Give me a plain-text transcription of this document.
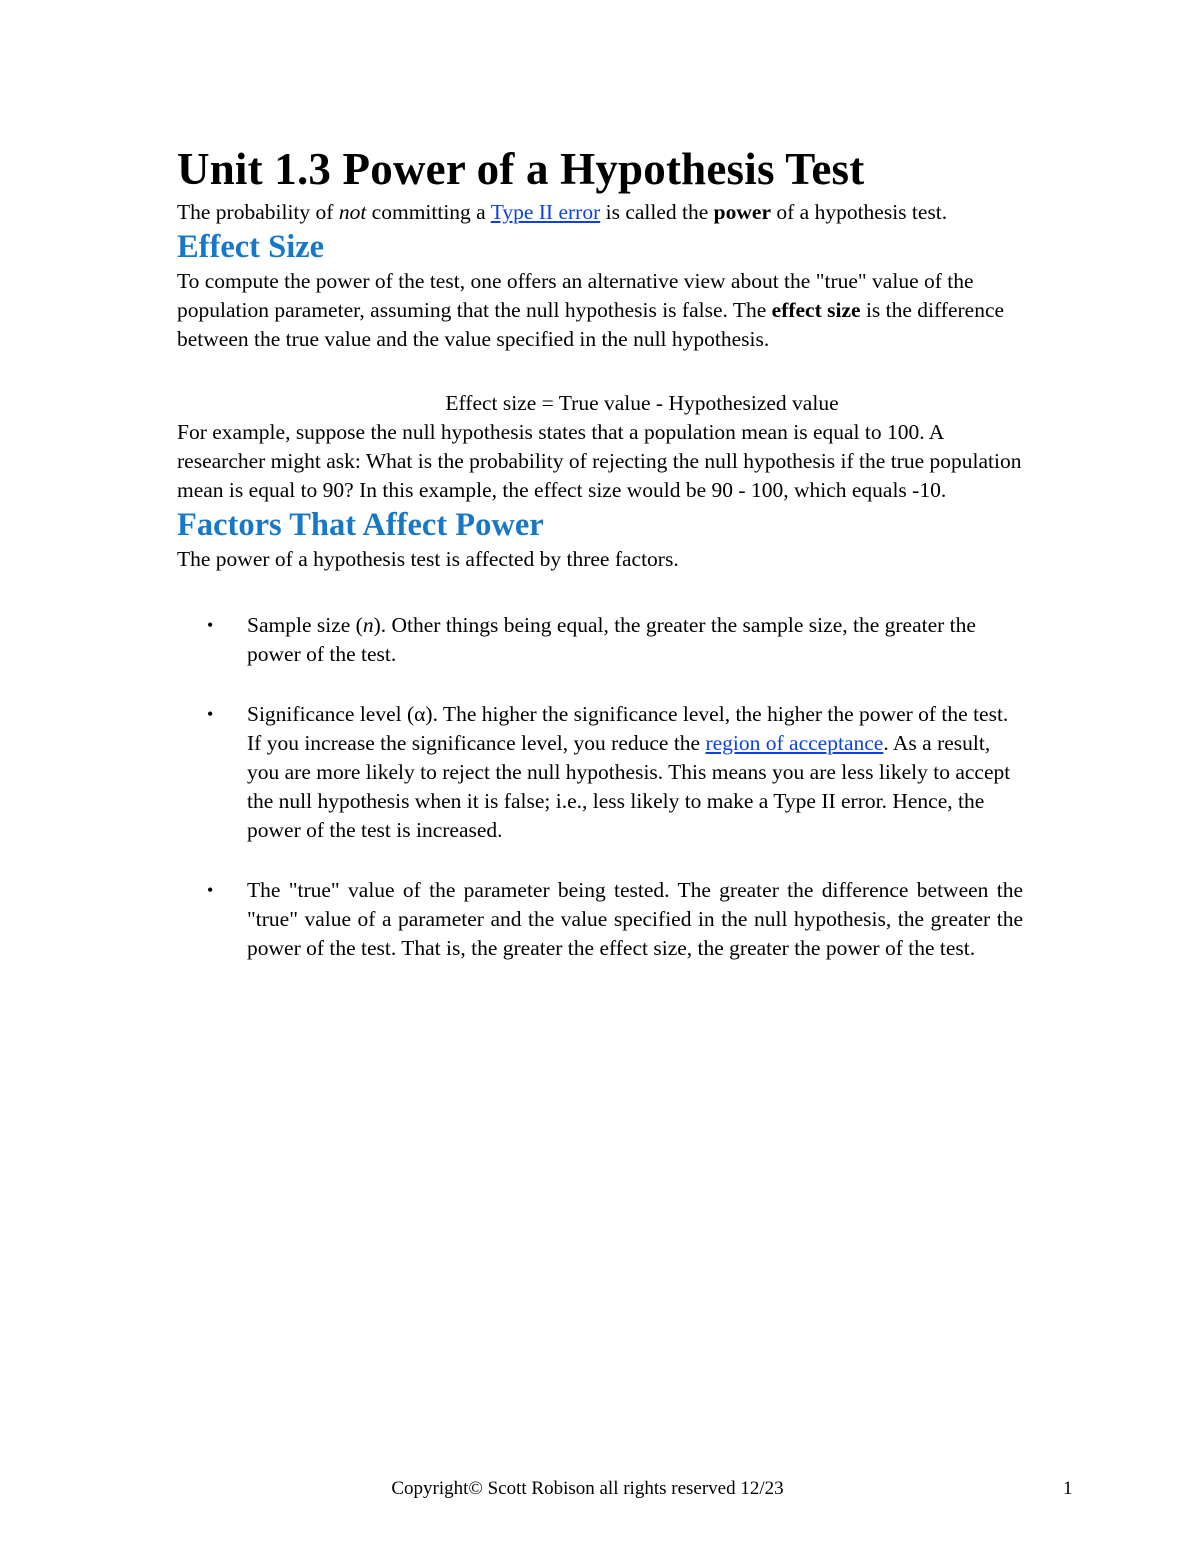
Unit 1.3 Power of a Hypothesis Test

The probability of not committing a Type II error is called the power of a hypothesis test.

Effect Size

To compute the power of the test, one offers an alternative view about the "true" value of the population parameter, assuming that the null hypothesis is false. The effect size is the difference between the true value and the value specified in the null hypothesis.

Effect size = True value - Hypothesized value

For example, suppose the null hypothesis states that a population mean is equal to 100. A researcher might ask: What is the probability of rejecting the null hypothesis if the true population mean is equal to 90? In this example, the effect size would be 90 - 100, which equals -10.

Factors That Affect Power

The power of a hypothesis test is affected by three factors.

•	Sample size (n). Other things being equal, the greater the sample size, the greater the power of the test.
•	Significance level (α). The higher the significance level, the higher the power of the test. If you increase the significance level, you reduce the region of acceptance. As a result, you are more likely to reject the null hypothesis. This means you are less likely to accept the null hypothesis when it is false; i.e., less likely to make a Type II error. Hence, the power of the test is increased.
•	The "true" value of the parameter being tested. The greater the difference between the "true" value of a parameter and the value specified in the null hypothesis, the greater the power of the test. That is, the greater the effect size, the greater the power of the test.
Copyright© Scott Robison all rights reserved 12/23	1
